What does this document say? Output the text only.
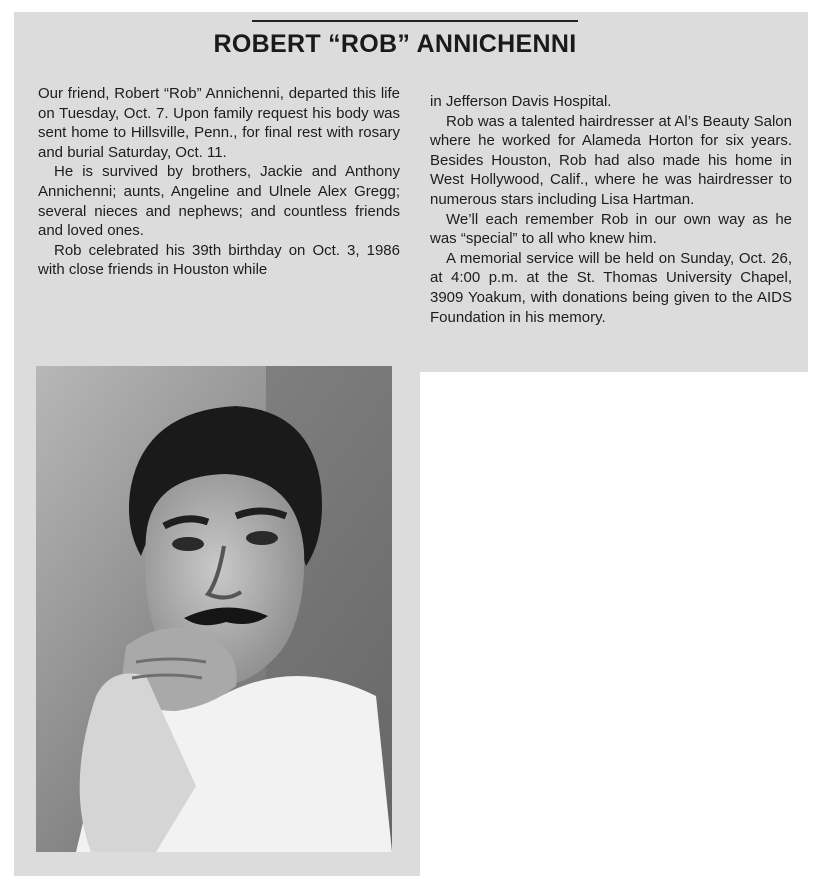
ROBERT “ROB” ANNICHENNI

Our friend, Robert “Rob” Annichenni, departed this life on Tuesday, Oct. 7. Upon family request his body was sent home to Hillsville, Penn., for final rest with rosary and burial Saturday, Oct. 11.

He is survived by brothers, Jackie and Anthony Annichenni; aunts, Angeline and Ulnele Alex Gregg; several nieces and nephews; and countless friends and loved ones.

Rob celebrated his 39th birthday on Oct. 3, 1986 with close friends in Houston while

in Jefferson Davis Hospital.

Rob was a talented hairdresser at Al’s Beauty Salon where he worked for Alameda Horton for six years. Besides Houston, Rob had also made his home in West Hollywood, Calif., where he was hairdresser to numerous stars including Lisa Hartman.

We’ll each remember Rob in our own way as he was “special” to all who knew him.

A memorial service will be held on Sunday, Oct. 26, at 4:00 p.m. at the St. Thomas University Chapel, 3909 Yoakum, with donations being given to the AIDS Foundation in his memory.
